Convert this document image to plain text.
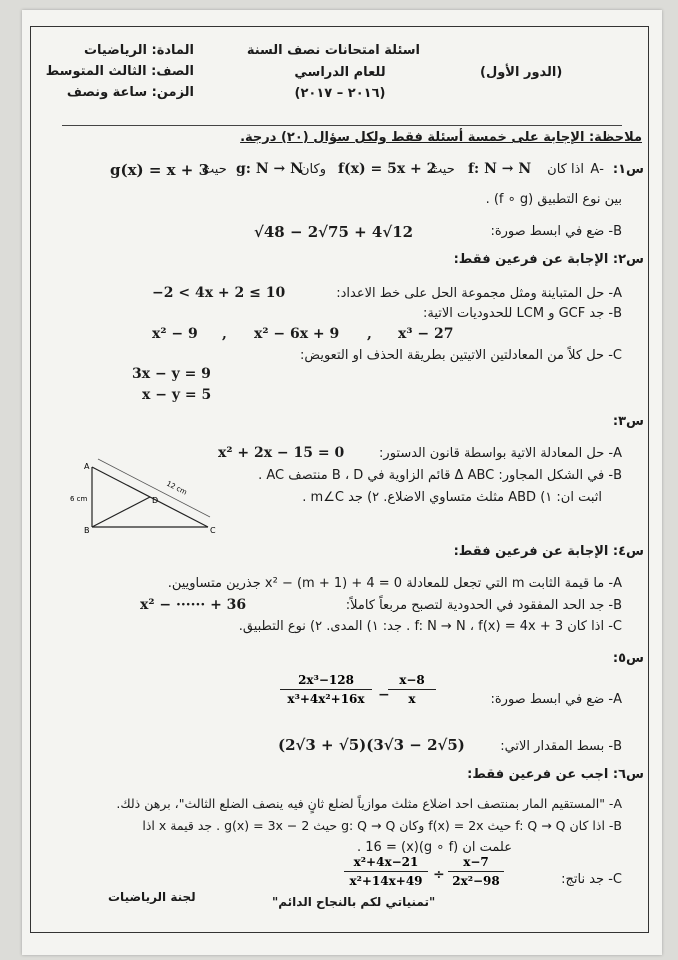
المادة: الرياضيات
الصف: الثالث المتوسط
الزمن: ساعة ونصف
اسئلة امتحانات نصف السنة
للعام الدراسي
(٢٠١٦ – ٢٠١٧)
(الدور الأول)
ملاحظة: الإجابة على خمسة أسئلة فقط ولكل سؤال (٢٠) درجة.
س١:
-A
اذا كان
f: N → N
حيث
f(x) = 5x + 2
وكان
g: N → N
حيث
g(x) = x + 3
بين نوع التطبيق (f ∘ g) .
B- ضع في ابسط صورة:
√48 − 2√75 + 4√12
س٢: الإجابة عن فرعين فقط:
A- حل المتباينة ومثل مجموعة الحل على خط الاعداد:
−2 < 4x + 2 ≤ 10
B- جد GCF و LCM للحدوديات الاتية:
x² − 9 , x² − 6x + 9 , x³ − 27
C- حل كلاً من المعادلتين الاتيتين بطريقة الحذف او التعويض:
3x − y = 9
x − y = 5
س٣:
A- حل المعادلة الاتية بواسطة قانون الدستور:
x² + 2x − 15 = 0
B- في الشكل المجاور: Δ ABC قائم الزاوية في B ، D منتصف AC .
اثبت ان: ١) ABD مثلث متساوي الاضلاع. ٢) جد m∠C .
A
B	C
D
6 cm
12 cm
س٤: الإجابة عن فرعين فقط:
A- ما قيمة الثابت m التي تجعل للمعادلة x² − (m + 1) + 4 = 0 جذرين متساويين.
B- جد الحد المفقود في الحدودية لتصبح مربعاً كاملاً:
x² − ······ + 36
C- اذا كان f: N → N ، f(x) = 4x + 3 . جد: ١) المدى. ٢) نوع التطبيق.
س٥:
A- ضع في ابسط صورة:
2x³−128
x³+4x²+16x −
x−8
x
B- بسط المقدار الاتي:
(2√3 + √5)(3√3 − 2√5)
س٦: اجب عن فرعين فقط:
A- "المستقيم المار بمنتصف احد اضلاع مثلث موازياً لضلع ثانٍ فيه ينصف الضلع الثالث"، برهن ذلك.
B- اذا كان f: Q → Q حيث f(x) = 2x وكان g: Q → Q حيث g(x) = 3x − 2 . جد قيمة x اذا
علمت ان (g ∘ f)(x) = 16 .
C- جد ناتج:
x²+4x−21
x²+14x+49 ÷
x−7
2x²−98
"تمنياتي لكم بالنجاح الدائم"
لجنة الرياضيات
